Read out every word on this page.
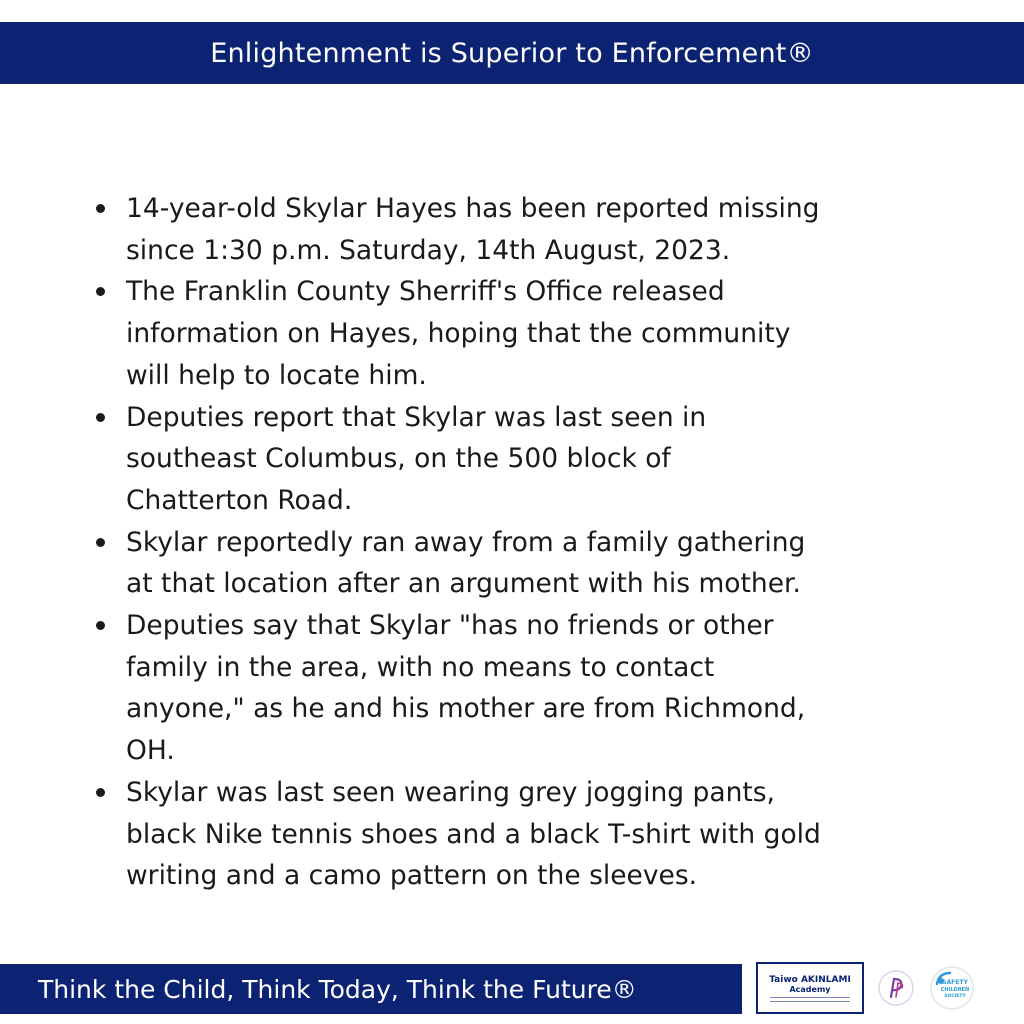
Enlightenment is Superior to Enforcement®
14-year-old Skylar Hayes has been reported missing
since 1:30 p.m. Saturday, 14th August, 2023.
The Franklin County Sherriff's Office released
information on Hayes, hoping that the community
will help to locate him.
Deputies report that Skylar was last seen in
southeast Columbus, on the 500 block of
Chatterton Road.
Skylar reportedly ran away from a family gathering
at that location after an argument with his mother.
Deputies say that Skylar "has no friends or other
family in the area, with no means to contact
anyone," as he and his mother are from Richmond,
OH.
Skylar was last seen wearing grey jogging pants,
black Nike tennis shoes and a black T-shirt with gold
writing and a camo pattern on the sleeves.
Think the Child, Think Today, Think the Future®	Taiwo AKINLAMI
Academy
SAFETY
CHILDREN
SOCIETY
